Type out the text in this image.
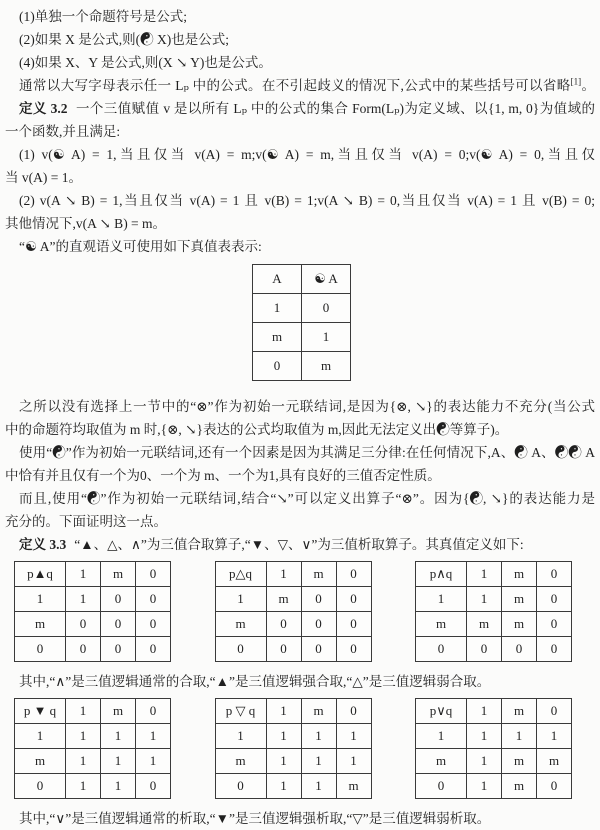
(1)单独一个命题符号是公式;

(2)如果 X 是公式,则(☯ X)也是公式;

(4)如果 X、Y 是公式,则(X ↘ Y)也是公式。

通常以大写字母表示任一 Lₚ 中的公式。在不引起歧义的情况下,公式中的某些括号可以省略[1]。

定义 3.2 一个三值赋值 v 是以所有 Lₚ 中的公式的集合 Form(Lₚ)为定义域、以{1, m, 0}为值域的

一个函数,并且满足:

(1) v(☯ A) = 1,当且仅当 v(A) = m;v(☯ A) = m,当且仅当 v(A) = 0;v(☯ A) = 0,当且仅

当 v(A) = 1。

(2) v(A ↘ B) = 1,当且仅当 v(A) = 1 且 v(B) = 1;v(A ↘ B) = 0,当且仅当 v(A) = 1 且 v(B) = 0;

其他情况下,v(A ↘ B) = m。

“☯ A”的直观语义可使用如下真值表表示:

A	☯ A
1	0
m	1
0	m

之所以没有选择上一节中的“⊗”作为初始一元联结词,是因为{⊗, ↘}的表达能力不充分(当公式

中的命题符均取值为 m 时,{⊗, ↘}表达的公式均取值为 m,因此无法定义出☯等算子)。

使用“☯”作为初始一元联结词,还有一个因素是因为其满足三分律:在任何情况下,A、☯ A、☯☯ A

中恰有并且仅有一个为0、一个为 m、一个为1,具有良好的三值否定性质。

而且,使用“☯”作为初始一元联结词,结合“↘”可以定义出算子“⊗”。因为{☯, ↘}的表达能力是

充分的。下面证明这一点。

定义 3.3 “▲、△、∧”为三值合取算子,“▼、▽、∨”为三值析取算子。其真值定义如下:

p▲q	1	m	0
1	1	0	0
m	0	0	0
0	0	0	0
p△q	1	m	0
1	m	0	0
m	0	0	0
0	0	0	0
p∧q	1	m	0
1	1	m	0
m	m	m	0
0	0	0	0

其中,“∧”是三值逻辑通常的合取,“▲”是三值逻辑强合取,“△”是三值逻辑弱合取。

p ▼ q	1	m	0
1	1	1	1
m	1	1	1
0	1	1	0
p ▽ q	1	m	0
1	1	1	1
m	1	1	1
0	1	1	m
p∨q	1	m	0
1	1	1	1
m	1	m	m
0	1	m	0

其中,“∨”是三值逻辑通常的析取,“▼”是三值逻辑强析取,“▽”是三值逻辑弱析取。
